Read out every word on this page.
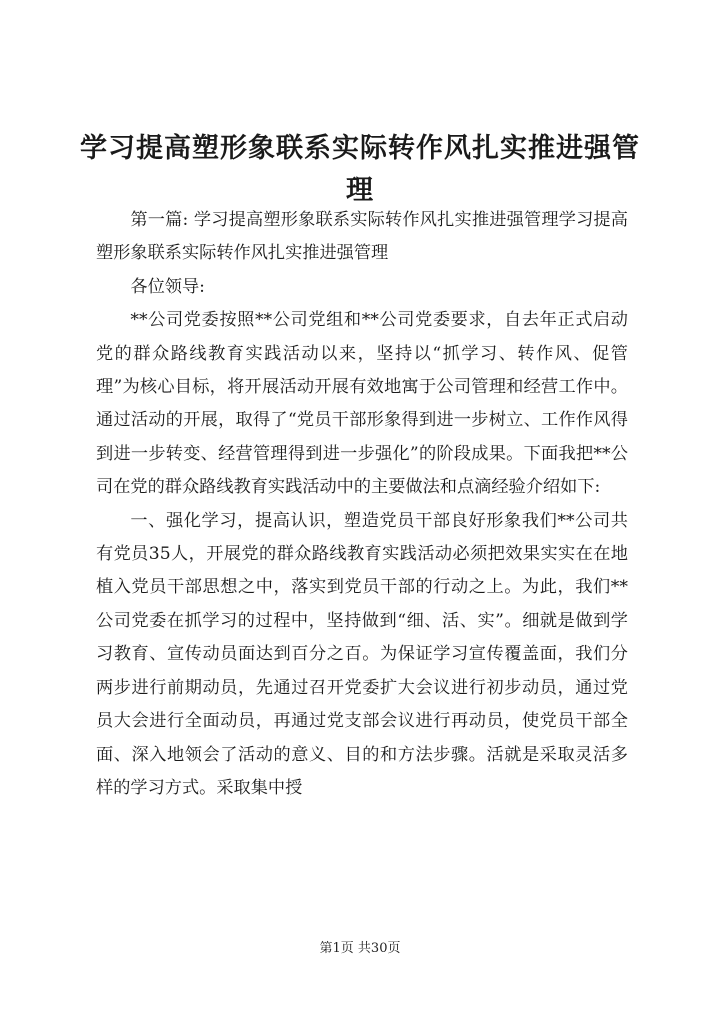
学习提高塑形象联系实际转作风扎实推进强管理

第一篇: 学习提高塑形象联系实际转作风扎实推进强管理学习提高塑形象联系实际转作风扎实推进强管理

各位领导:

**公司党委按照**公司党组和**公司党委要求，自去年正式启动党的群众路线教育实践活动以来，坚持以“抓学习、转作风、促管理”为核心目标，将开展活动开展有效地寓于公司管理和经营工作中。通过活动的开展，取得了“党员干部形象得到进一步树立、工作作风得到进一步转变、经营管理得到进一步强化”的阶段成果。下面我把**公司在党的群众路线教育实践活动中的主要做法和点滴经验介绍如下:

一、强化学习，提高认识，塑造党员干部良好形象我们**公司共有党员35人，开展党的群众路线教育实践活动必须把效果实实在在地植入党员干部思想之中，落实到党员干部的行动之上。为此，我们**公司党委在抓学习的过程中，坚持做到“细、活、实”。细就是做到学习教育、宣传动员面达到百分之百。为保证学习宣传覆盖面，我们分两步进行前期动员，先通过召开党委扩大会议进行初步动员，通过党员大会进行全面动员，再通过党支部会议进行再动员，使党员干部全面、深入地领会了活动的意义、目的和方法步骤。活就是采取灵活多样的学习方式。采取集中授

第1页 共30页
